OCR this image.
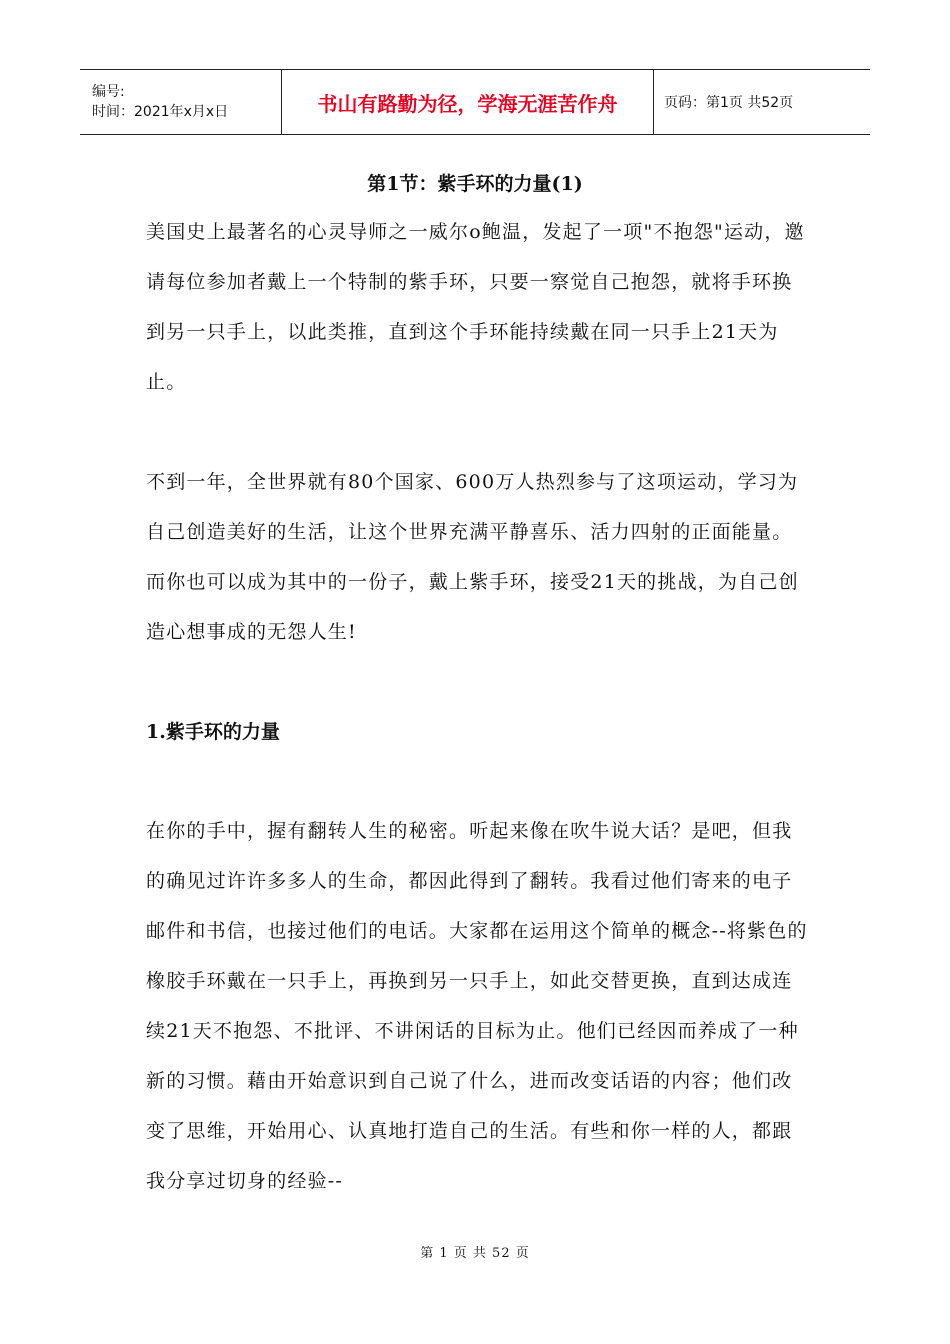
编号:
时间：2021年x月x日	书山有路勤为径，学海无涯苦作舟	页码：第1页 共52页
第1节：紫手环的力量(1)

美国史上最著名的心灵导师之一威尔o鲍温，发起了一项"不抱怨"运动，邀请每位参加者戴上一个特制的紫手环，只要一察觉自己抱怨，就将手环换到另一只手上，以此类推，直到这个手环能持续戴在同一只手上21天为止。

不到一年，全世界就有80个国家、600万人热烈参与了这项运动，学习为自己创造美好的生活，让这个世界充满平静喜乐、活力四射的正面能量。而你也可以成为其中的一份子，戴上紫手环，接受21天的挑战，为自己创造心想事成的无怨人生!

1.紫手环的力量

在你的手中，握有翻转人生的秘密。听起来像在吹牛说大话？是吧，但我的确见过许许多多人的生命，都因此得到了翻转。我看过他们寄来的电子邮件和书信，也接过他们的电话。大家都在运用这个简单的概念--将紫色的橡胶手环戴在一只手上，再换到另一只手上，如此交替更换，直到达成连续21天不抱怨、不批评、不讲闲话的目标为止。他们已经因而养成了一种新的习惯。藉由开始意识到自己说了什么，进而改变话语的内容；他们改变了思维，开始用心、认真地打造自己的生活。有些和你一样的人，都跟我分享过切身的经验--

第 1 页 共 52 页
